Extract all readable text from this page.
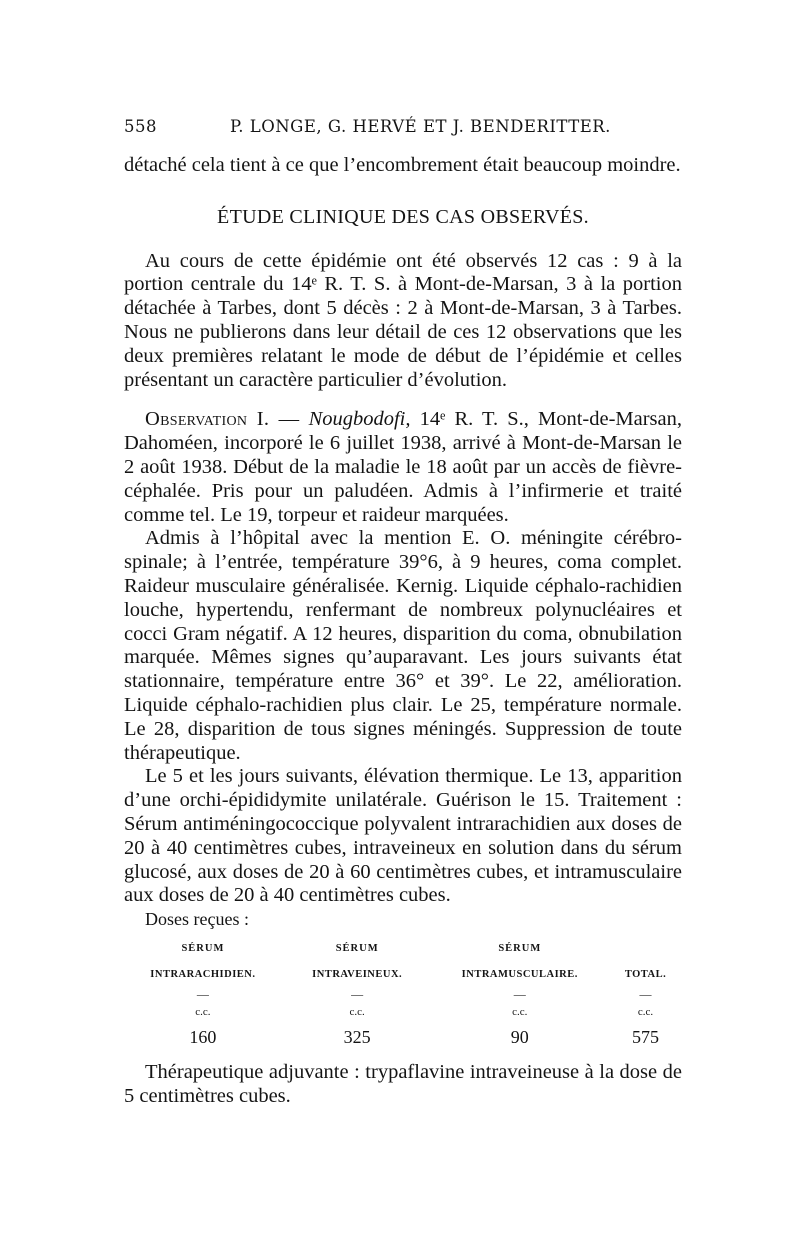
558	P. LONGE, G. HERVÉ ET J. BENDERITTER.

détaché cela tient à ce que l’encombrement était beaucoup moindre.

ÉTUDE CLINIQUE DES CAS OBSERVÉS.

Au cours de cette épidémie ont été observés 12 cas : 9 à la portion centrale du 14ᵉ R. T. S. à Mont-de-Marsan, 3 à la portion détachée à Tarbes, dont 5 décès : 2 à Mont-de-Marsan, 3 à Tarbes. Nous ne publierons dans leur détail de ces 12 observations que les deux premières relatant le mode de début de l’épidémie et celles présentant un caractère particulier d’évolution.

Observation I. — Nougbodofi, 14ᵉ R. T. S., Mont-de-Marsan, Dahoméen, incorporé le 6 juillet 1938, arrivé à Mont-de-Marsan le 2 août 1938. Début de la maladie le 18 août par un accès de fièvre-céphalée. Pris pour un paludéen. Admis à l’infirmerie et traité comme tel. Le 19, torpeur et raideur marquées.

Admis à l’hôpital avec la mention E. O. méningite cérébro-spinale; à l’entrée, température 39°6, à 9 heures, coma complet. Raideur musculaire généralisée. Kernig. Liquide céphalo-rachidien louche, hypertendu, renfermant de nombreux polynucléaires et cocci Gram négatif. A 12 heures, disparition du coma, obnubilation marquée. Mêmes signes qu’auparavant. Les jours suivants état stationnaire, température entre 36° et 39°. Le 22, amélioration. Liquide céphalo-rachidien plus clair. Le 25, température normale. Le 28, disparition de tous signes méningés. Suppression de toute thérapeutique.

Le 5 et les jours suivants, élévation thermique. Le 13, apparition d’une orchi-épididymite unilatérale. Guérison le 15. Traitement : Sérum antiméningococcique polyvalent intrarachidien aux doses de 20 à 40 centimètres cubes, intraveineux en solution dans du sérum glucosé, aux doses de 20 à 60 centimètres cubes, et intramusculaire aux doses de 20 à 40 centimètres cubes.

Doses reçues :

SÉRUM	SÉRUM	SÉRUM	
INTRARACHIDIEN.	INTRAVEINEUX.	INTRAMUSCULAIRE.	TOTAL.
—	—	—	—
c.c.	c.c.	c.c.	c.c.
160	325	90	575

Thérapeutique adjuvante : trypaflavine intraveineuse à la dose de 5 centimètres cubes.
